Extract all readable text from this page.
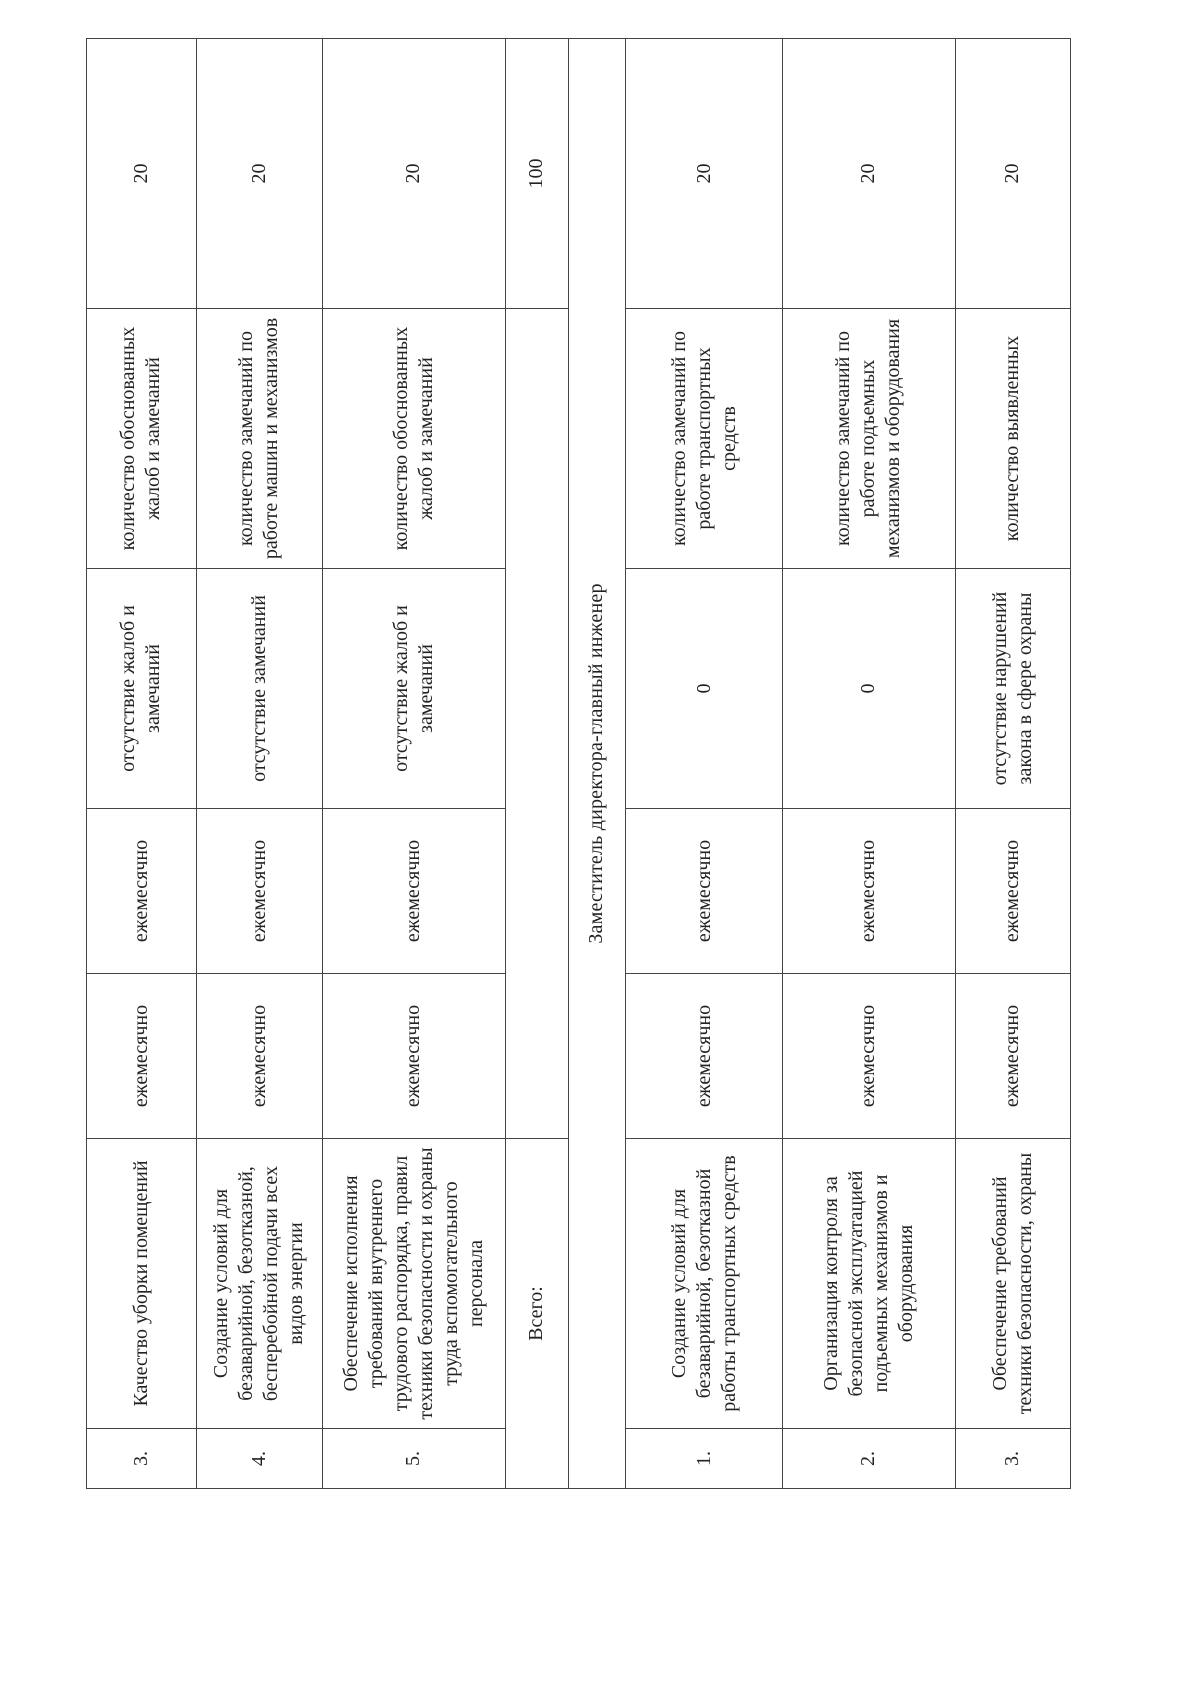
3.	Качество уборки помещений	ежемесячно	ежемесячно	отсутствие жалоб и замечаний	количество обоснованных жалоб и замечаний	20
4.	Создание условий для безаварийной, безотказной, бесперебойной подачи всех видов энергии	ежемесячно	ежемесячно	отсутствие замечаний	количество замечаний по работе машин и механизмов	20
5.	Обеспечение исполнения требований внутреннего трудового распорядка, правил техники безопасности и охраны труда вспомогательного персонала	ежемесячно	ежемесячно	отсутствие жалоб и замечаний	количество обоснованных жалоб и замечаний	20
Всего:						100
Заместитель директора-главный инженер						
1.	Создание условий для безаварийной, безотказной работы транспортных средств	ежемесячно	ежемесячно	0	количество замечаний по работе транспортных средств	20
2.	Организация контроля за безопасной эксплуатацией подъемных механизмов и оборудования	ежемесячно	ежемесячно	0	количество замечаний по работе подъемных механизмов и оборудования	20
3.	Обеспечение требований техники безопасности, охраны	ежемесячно	ежемесячно	отсутствие нарушений закона в сфере охраны	количество выявленных	20
